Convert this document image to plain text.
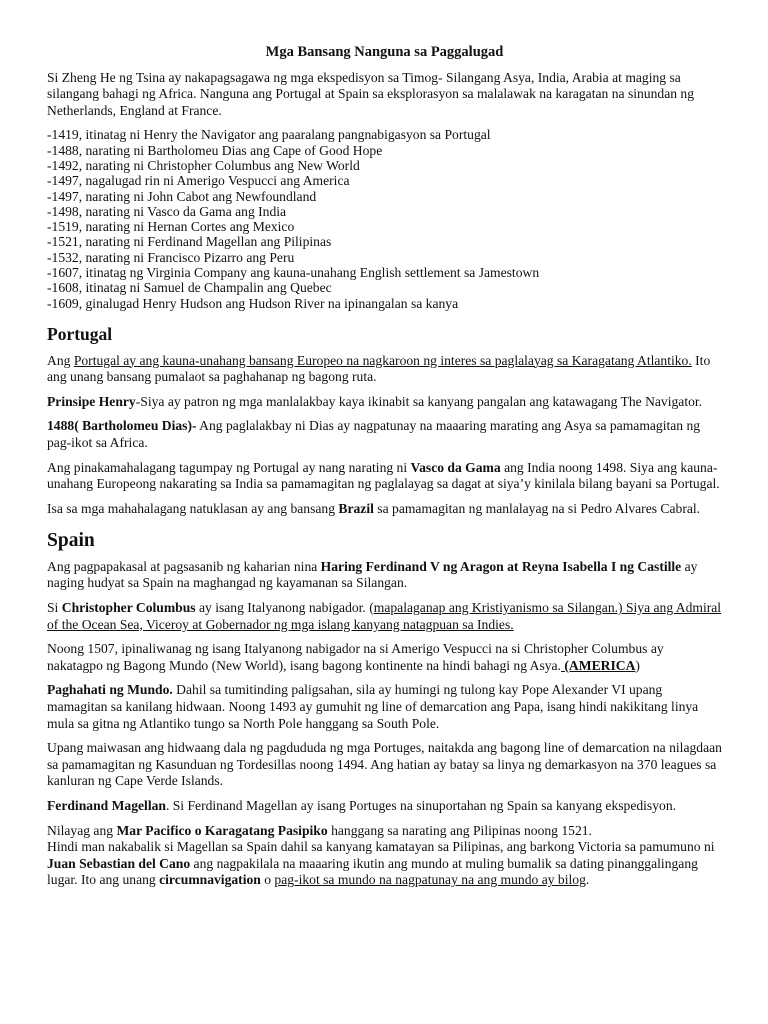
Mga Bansang Nanguna sa Paggalugad

Si Zheng He ng Tsina ay nakapagsagawa ng mga ekspedisyon sa Timog- Silangang Asya, India, Arabia at maging sa silangang bahagi ng Africa. Nanguna ang Portugal at Spain sa eksplorasyon sa malalawak na karagatan na sinundan ng Netherlands, England at France.

-1419, itinatag ni Henry the Navigator ang paaralang pangnabigasyon sa Portugal
-1488, narating ni Bartholomeu Dias ang Cape of Good Hope
-1492, narating ni Christopher Columbus ang New World
-1497, nagalugad rin ni Amerigo Vespucci ang America
-1497, narating ni John Cabot ang Newfoundland
-1498, narating ni Vasco da Gama ang India
-1519, narating ni Hernan Cortes ang Mexico
-1521, narating ni Ferdinand Magellan ang Pilipinas
-1532, narating ni Francisco Pizarro ang Peru
-1607, itinatag ng Virginia Company ang kauna-unahang English settlement sa Jamestown
-1608, itinatag ni Samuel de Champalin ang Quebec
-1609, ginalugad Henry Hudson ang Hudson River na ipinangalan sa kanya
Portugal

Ang Portugal ay ang kauna-unahang bansang Europeo na nagkaroon ng interes sa paglalayag sa Karagatang Atlantiko. Ito ang unang bansang pumalaot sa paghahanap ng bagong ruta.

Prinsipe Henry-Siya ay patron ng mga manlalakbay kaya ikinabit sa kanyang pangalan ang katawagang The Navigator.

1488( Bartholomeu Dias)- Ang paglalakbay ni Dias ay nagpatunay na maaaring marating ang Asya sa pamamagitan ng pag-ikot sa Africa.

Ang pinakamahalagang tagumpay ng Portugal ay nang narating ni Vasco da Gama ang India noong 1498. Siya ang kauna-unahang Europeong nakarating sa India sa pamamagitan ng paglalayag sa dagat at siya’y kinilala bilang bayani sa Portugal.

Isa sa mga mahahalagang natuklasan ay ang bansang Brazil sa pamamagitan ng manlalayag na si Pedro Alvares Cabral.

Spain

Ang pagpapakasal at pagsasanib ng kaharian nina Haring Ferdinand V ng Aragon at Reyna Isabella I ng Castille ay naging hudyat sa Spain na maghangad ng kayamanan sa Silangan.

Si Christopher Columbus ay isang Italyanong nabigador. (mapalaganap ang Kristiyanismo sa Silangan.) Siya ang Admiral of the Ocean Sea, Viceroy at Gobernador ng mga islang kanyang natagpuan sa Indies.

Noong 1507, ipinaliwanag ng isang Italyanong nabigador na si Amerigo Vespucci na si Christopher Columbus ay nakatagpo ng Bagong Mundo (New World), isang bagong kontinente na hindi bahagi ng Asya. (AMERICA)

Paghahati ng Mundo. Dahil sa tumitinding paligsahan, sila ay humingi ng tulong kay Pope Alexander VI upang mamagitan sa kanilang hidwaan. Noong 1493 ay gumuhit ng line of demarcation ang Papa, isang hindi nakikitang linya mula sa gitna ng Atlantiko tungo sa North Pole hanggang sa South Pole.

Upang maiwasan ang hidwaang dala ng pagdududa ng mga Portuges, naitakda ang bagong line of demarcation na nilagdaan sa pamamagitan ng Kasunduan ng Tordesillas noong 1494. Ang hatian ay batay sa linya ng demarkasyon na 370 leagues sa kanluran ng Cape Verde Islands.

Ferdinand Magellan. Si Ferdinand Magellan ay isang Portuges na sinuportahan ng Spain sa kanyang ekspedisyon.

Nilayag ang Mar Pacifico o Karagatang Pasipiko hanggang sa narating ang Pilipinas noong 1521.
Hindi man nakabalik si Magellan sa Spain dahil sa kanyang kamatayan sa Pilipinas, ang barkong Victoria sa pamumuno ni Juan Sebastian del Cano ang nagpakilala na maaaring ikutin ang mundo at muling bumalik sa dating pinanggalingang lugar. Ito ang unang circumnavigation o pag-ikot sa mundo na nagpatunay na ang mundo ay bilog.
